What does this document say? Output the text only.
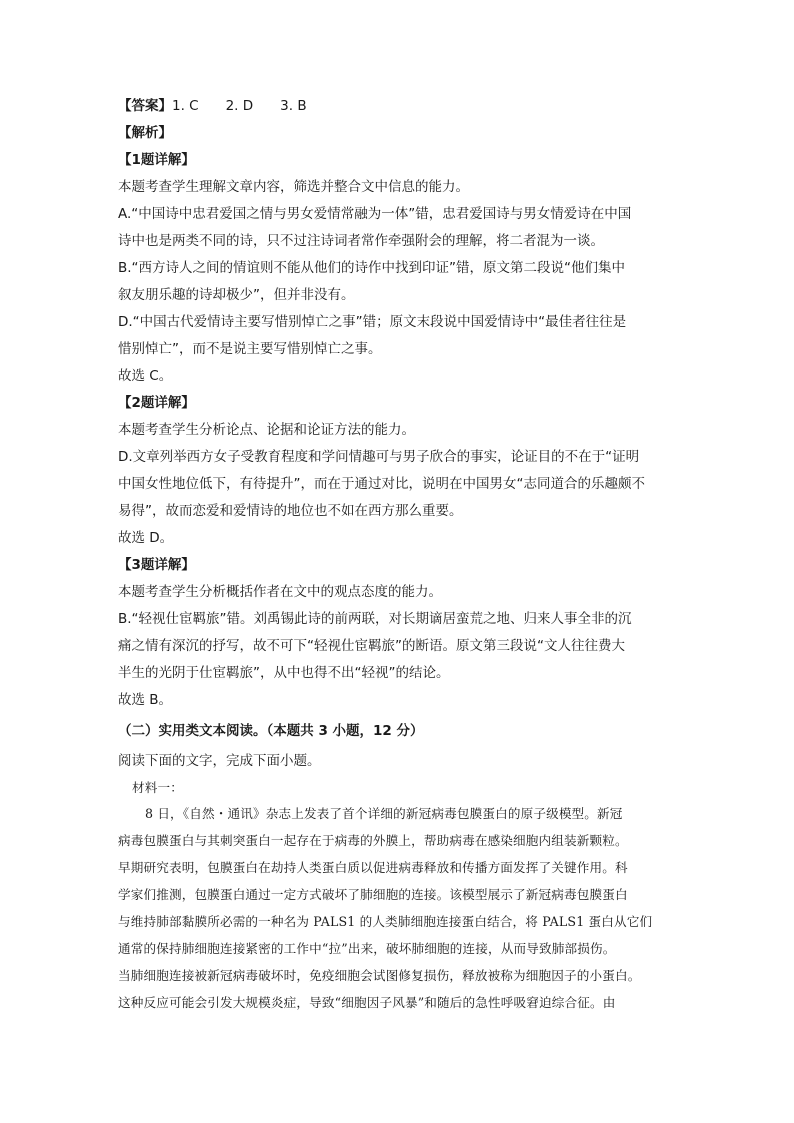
【答案】1. C　　2. D　　3. B
【解析】
【1题详解】
本题考查学生理解文章内容，筛选并整合文中信息的能力。
A.“中国诗中忠君爱国之情与男女爱情常融为一体”错，忠君爱国诗与男女情爱诗在中国
诗中也是两类不同的诗，只不过注诗词者常作牵强附会的理解，将二者混为一谈。
B.“西方诗人之间的情谊则不能从他们的诗作中找到印证”错，原文第二段说“他们集中
叙友朋乐趣的诗却极少”，但并非没有。
D.“中国古代爱情诗主要写惜别悼亡之事”错；原文末段说中国爱情诗中“最佳者往往是
惜别悼亡”，而不是说主要写惜别悼亡之事。
故选 C。
【2题详解】
本题考查学生分析论点、论据和论证方法的能力。
D.文章列举西方女子受教育程度和学问情趣可与男子欣合的事实，论证目的不在于“证明
中国女性地位低下，有待提升”，而在于通过对比，说明在中国男女“志同道合的乐趣颇不
易得”，故而恋爱和爱情诗的地位也不如在西方那么重要。
故选 D。
【3题详解】
本题考查学生分析概括作者在文中的观点态度的能力。
B.“轻视仕宦羁旅”错。刘禹锡此诗的前两联，对长期谪居蛮荒之地、归来人事全非的沉
痛之情有深沉的抒写，故不可下“轻视仕宦羁旅”的断语。原文第三段说“文人往往费大
半生的光阴于仕宦羁旅”，从中也得不出“轻视”的结论。
故选 B。
（二）实用类文本阅读。（本题共 3 小题，12 分）
阅读下面的文字，完成下面小题。
材料一：
8 日，《自然・通讯》杂志上发表了首个详细的新冠病毒包膜蛋白的原子级模型。新冠
病毒包膜蛋白与其刺突蛋白一起存在于病毒的外膜上，帮助病毒在感染细胞内组装新颗粒。
早期研究表明，包膜蛋白在劫持人类蛋白质以促进病毒释放和传播方面发挥了关键作用。科
学家们推测，包膜蛋白通过一定方式破坏了肺细胞的连接。该模型展示了新冠病毒包膜蛋白
与维持肺部黏膜所必需的一种名为 PALS1 的人类肺细胞连接蛋白结合，将 PALS1 蛋白从它们
通常的保持肺细胞连接紧密的工作中“拉”出来，破坏肺细胞的连接，从而导致肺部损伤。
当肺细胞连接被新冠病毒破坏时，免疫细胞会试图修复损伤，释放被称为细胞因子的小蛋白。
这种反应可能会引发大规模炎症，导致“细胞因子风暴”和随后的急性呼吸窘迫综合征。由
